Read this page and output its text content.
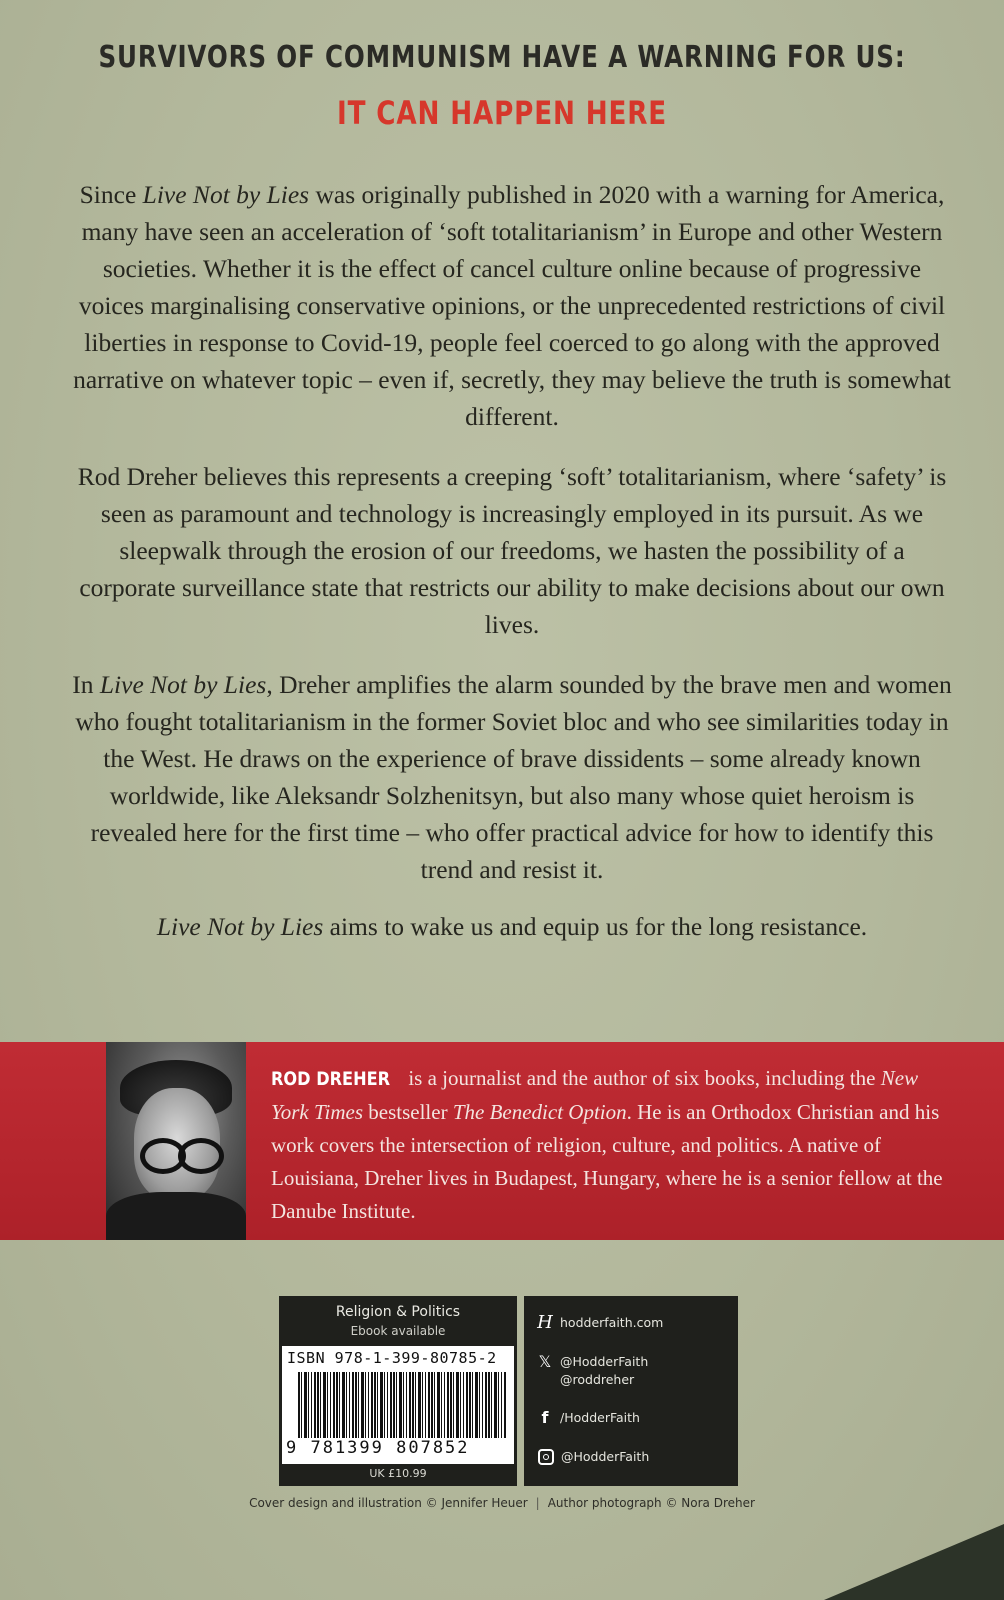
SURVIVORS OF COMMUNISM HAVE A WARNING FOR US:
IT CAN HAPPEN HERE

Since Live Not by Lies was originally published in 2020 with a warning for America, many have seen an acceleration of ‘soft totalitarianism’ in Europe and other Western societies. Whether it is the effect of cancel culture online because of progressive voices marginalising conservative opinions, or the unprecedented restrictions of civil liberties in response to Covid-19, people feel coerced to go along with the approved narrative on whatever topic – even if, secretly, they may believe the truth is somewhat different.

Rod Dreher believes this represents a creeping ‘soft’ totalitarianism, where ‘safety’ is seen as paramount and technology is increasingly employed in its pursuit. As we sleepwalk through the erosion of our freedoms, we hasten the possibility of a corporate surveillance state that restricts our ability to make decisions about our own lives.

In Live Not by Lies, Dreher amplifies the alarm sounded by the brave men and women who fought totalitarianism in the former Soviet bloc and who see similarities today in the West. He draws on the experience of brave dissidents – some already known worldwide, like Aleksandr Solzhenitsyn, but also many whose quiet heroism is revealed here for the first time – who offer practical advice for how to identify this trend and resist it.

Live Not by Lies aims to wake us and equip us for the long resistance.

ROD DREHER is a journalist and the author of six books, including the New York Times bestseller The Benedict Option. He is an Orthodox Christian and his work covers the intersection of religion, culture, and politics. A native of Louisiana, Dreher lives in Budapest, Hungary, where he is a senior fellow at the Danube Institute.
Religion & Politics
Ebook available
ISBN 978-1-399-80785-2
9 781399 807852
UK £10.99
H hodderfaith.com
𝕏 @HodderFaith
@roddreher
f /HodderFaith
@HodderFaith
Cover design and illustration © Jennifer Heuer | Author photograph © Nora Dreher
